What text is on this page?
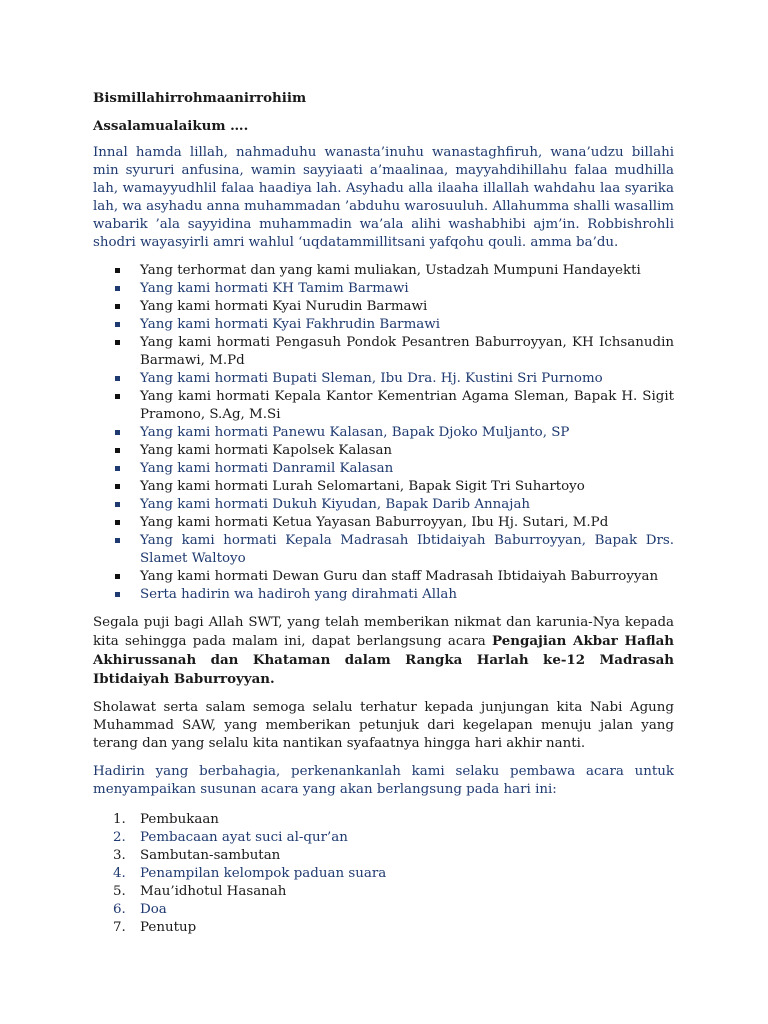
Bismillahirrohmaanirrohiim

Assalamualaikum ….

Innal hamda lillah, nahmaduhu wanasta’inuhu wanastaghfiruh, wana’udzu billahi min syururi anfusina, wamin sayyiaati a’maalinaa, mayyahdihillahu falaa mudhilla lah, wamayyudhlil falaa haadiya lah. Asyhadu alla ilaaha illallah wahdahu laa syarika lah, wa asyhadu anna muhammadan ’abduhu warosuuluh. Allahumma shalli wasallim wabarik ’ala sayyidina muhammadin wa’ala alihi washabhibi ajm’in. Robbishrohli shodri wayasyirli amri wahlul ‘uqdatammillitsani yafqohu qouli. amma ba’du.

Yang terhormat dan yang kami muliakan, Ustadzah Mumpuni Handayekti
Yang kami hormati KH Tamim Barmawi
Yang kami hormati Kyai Nurudin Barmawi
Yang kami hormati Kyai Fakhrudin Barmawi
Yang kami hormati Pengasuh Pondok Pesantren Baburroyyan, KH Ichsanudin Barmawi, M.Pd
Yang kami hormati Bupati Sleman, Ibu Dra. Hj. Kustini Sri Purnomo
Yang kami hormati Kepala Kantor Kementrian Agama Sleman, Bapak H. Sigit Pramono, S.Ag, M.Si
Yang kami hormati Panewu Kalasan, Bapak Djoko Muljanto, SP
Yang kami hormati Kapolsek Kalasan
Yang kami hormati Danramil Kalasan
Yang kami hormati Lurah Selomartani, Bapak Sigit Tri Suhartoyo
Yang kami hormati Dukuh Kiyudan, Bapak Darib Annajah
Yang kami hormati Ketua Yayasan Baburroyyan, Ibu Hj. Sutari, M.Pd
Yang kami hormati Kepala Madrasah Ibtidaiyah Baburroyyan, Bapak Drs. Slamet Waltoyo
Yang kami hormati Dewan Guru dan staff Madrasah Ibtidaiyah Baburroyyan
Serta hadirin wa hadiroh yang dirahmati Allah

Segala puji bagi Allah SWT, yang telah memberikan nikmat dan karunia-Nya kepada kita sehingga pada malam ini, dapat berlangsung acara Pengajian Akbar Haflah Akhirussanah dan Khataman dalam Rangka Harlah ke-12 Madrasah Ibtidaiyah Baburroyyan.

Sholawat serta salam semoga selalu terhatur kepada junjungan kita Nabi Agung Muhammad SAW, yang memberikan petunjuk dari kegelapan menuju jalan yang terang dan yang selalu kita nantikan syafaatnya hingga hari akhir nanti.

Hadirin yang berbahagia, perkenankanlah kami selaku pembawa acara untuk menyampaikan susunan acara yang akan berlangsung pada hari ini:

1. Pembukaan
2. Pembacaan ayat suci al-qur’an
3. Sambutan-sambutan
4. Penampilan kelompok paduan suara
5. Mau’idhotul Hasanah
6. Doa
7. Penutup
